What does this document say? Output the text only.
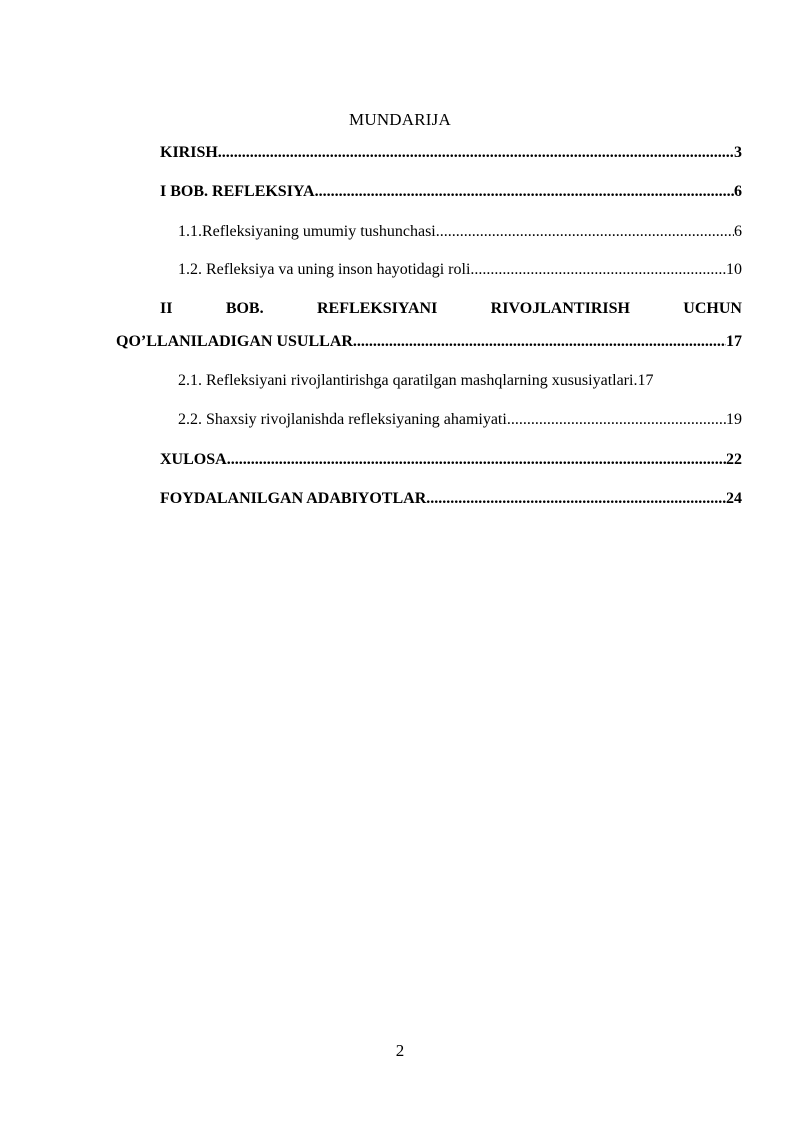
MUNDARIJA
KIRISH .....	3
I BOB. REFLEKSIYA .....	6
1.1.Refleksiyaning umumiy tushunchasi .....	6
1.2. Refleksiya va uning inson hayotidagi roli .....	10
II	BOB.	REFLEKSIYANI	RIVOJLANTIRISH	UCHUN
QO’LLANILADIGAN USULLAR .....	17
2.1. Refleksiyani rivojlantirishga qaratilgan mashqlarning xususiyatlari. 17
2.2. Shaxsiy rivojlanishda refleksiyaning ahamiyati .....	19
XULOSA .....	22
FOYDALANILGAN ADABIYOTLAR .....	24
2
